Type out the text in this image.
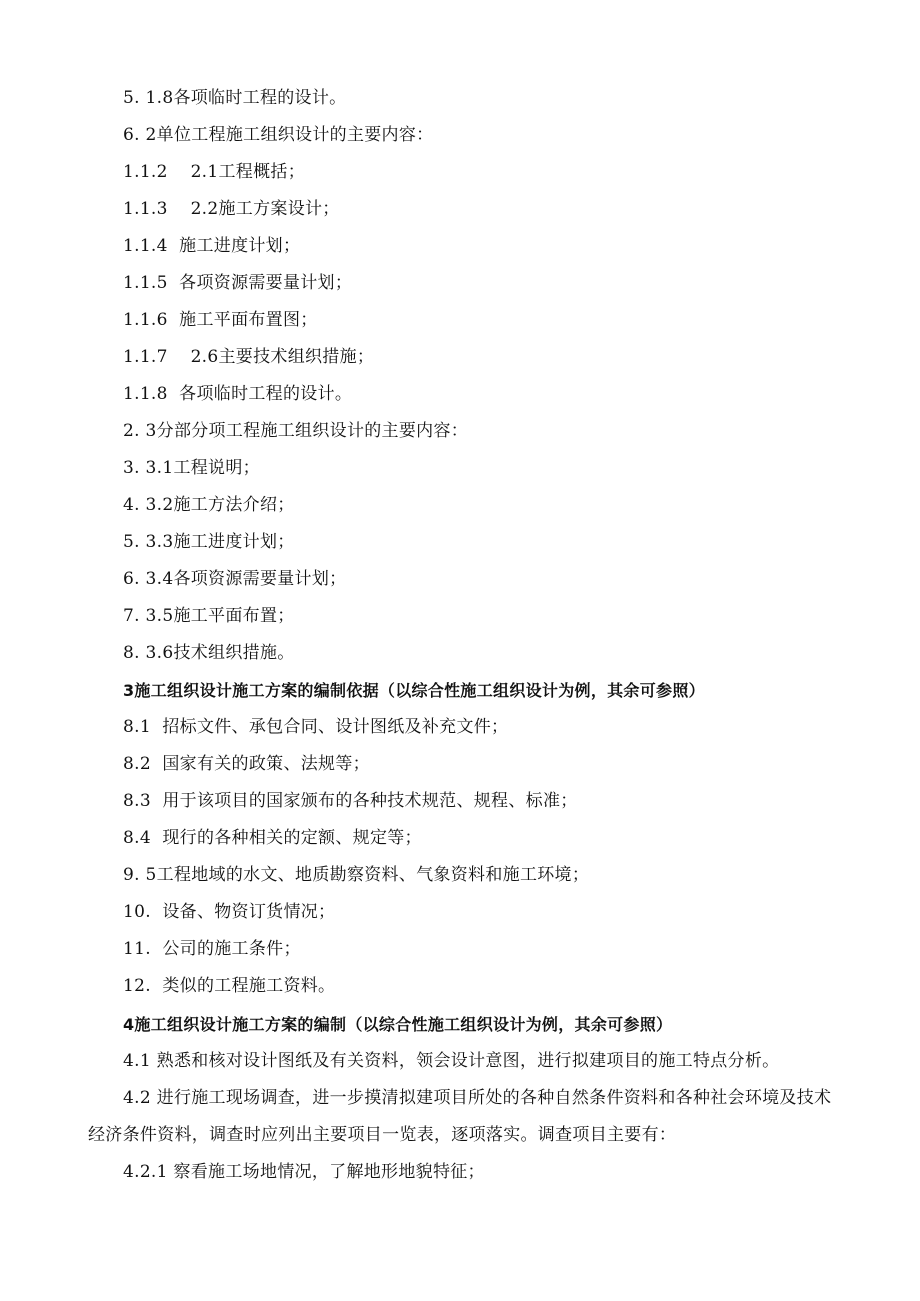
5. 1.8各项临时工程的设计。
6. 2单位工程施工组织设计的主要内容：
1.1.2    2.1工程概括；
1.1.3    2.2施工方案设计；
1.1.4  施工进度计划；
1.1.5  各项资源需要量计划；
1.1.6  施工平面布置图；
1.1.7    2.6主要技术组织措施；
1.1.8  各项临时工程的设计。
2. 3分部分项工程施工组织设计的主要内容：
3. 3.1工程说明；
4. 3.2施工方法介绍；
5. 3.3施工进度计划；
6. 3.4各项资源需要量计划；
7. 3.5施工平面布置；
8. 3.6技术组织措施。
3施工组织设计施工方案的编制依据（以综合性施工组织设计为例，其余可参照）
8.1  招标文件、承包合同、设计图纸及补充文件；
8.2  国家有关的政策、法规等；
8.3  用于该项目的国家颁布的各种技术规范、规程、标准；
8.4  现行的各种相关的定额、规定等；
9. 5工程地域的水文、地质勘察资料、气象资料和施工环境；
10.  设备、物资订货情况；
11.  公司的施工条件；
12.  类似的工程施工资料。
4施工组织设计施工方案的编制（以综合性施工组织设计为例，其余可参照）
4.1 熟悉和核对设计图纸及有关资料，领会设计意图，进行拟建项目的施工特点分析。
4.2 进行施工现场调查，进一步摸清拟建项目所处的各种自然条件资料和各种社会环境及技术经济条件资料，调查时应列出主要项目一览表，逐项落实。调查项目主要有：
4.2.1 察看施工场地情况，了解地形地貌特征；
